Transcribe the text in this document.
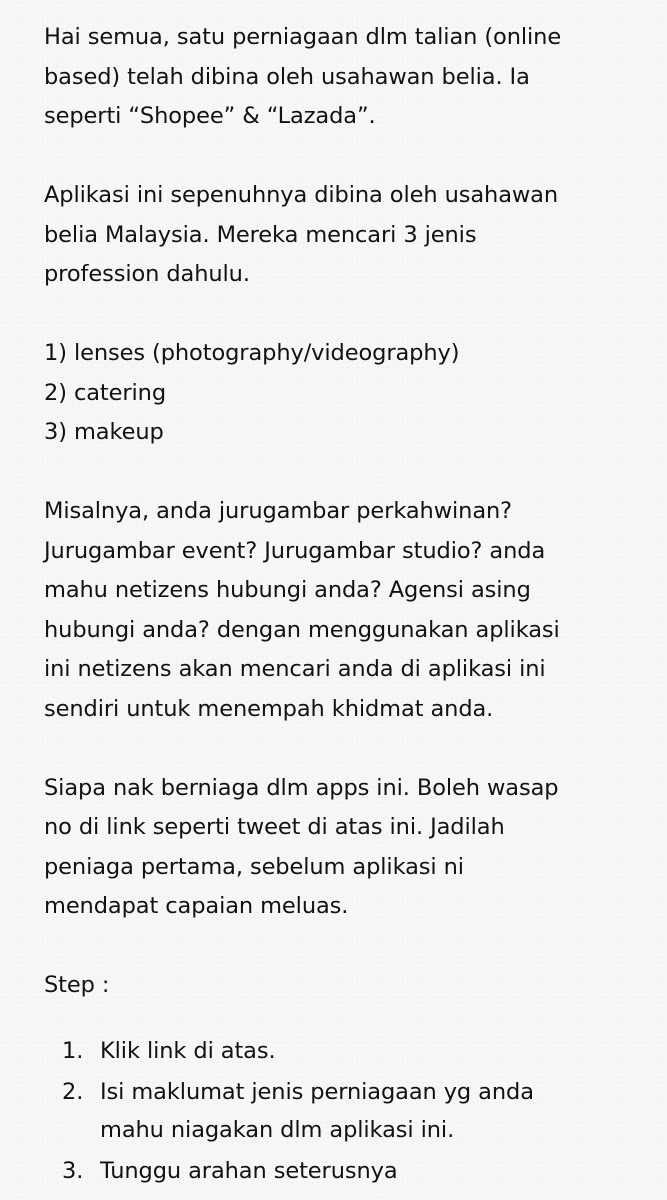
Hai semua, satu perniagaan dlm talian (online
based) telah dibina oleh usahawan belia. Ia
seperti “Shopee” & “Lazada”.

Aplikasi ini sepenuhnya dibina oleh usahawan
belia Malaysia. Mereka mencari 3 jenis
profession dahulu.

1) lenses (photography/videography)
2) catering
3) makeup

Misalnya, anda jurugambar perkahwinan?
Jurugambar event? Jurugambar studio? anda
mahu netizens hubungi anda? Agensi asing
hubungi anda? dengan menggunakan aplikasi
ini netizens akan mencari anda di aplikasi ini
sendiri untuk menempah khidmat anda.

Siapa nak berniaga dlm apps ini. Boleh wasap
no di link seperti tweet di atas ini. Jadilah
peniaga pertama, sebelum aplikasi ni
mendapat capaian meluas.

Step :

1. Klik link di atas.
2. Isi maklumat jenis perniagaan yg anda
mahu niagakan dlm aplikasi ini.
3. Tunggu arahan seterusnya
